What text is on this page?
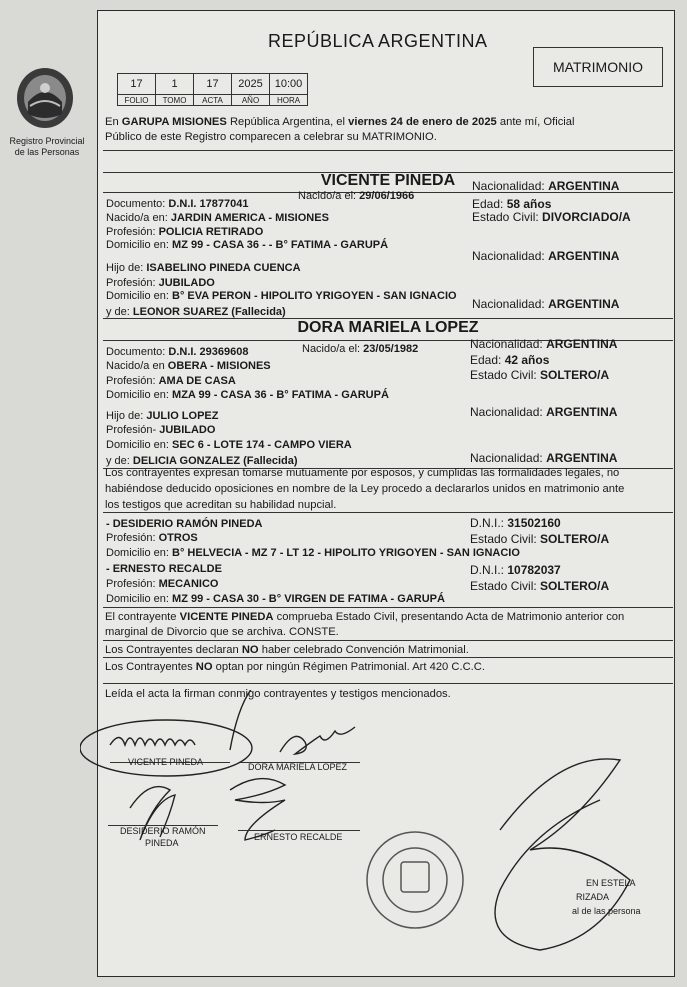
Registro Provincial
de las Personas
REPÚBLICA ARGENTINA
MATRIMONIO
17	1	17	2025	10:00
FOLIO	TOMO	ACTA	AÑO	HORA
En GARUPA MISIONES República Argentina, el viernes 24 de enero de 2025 ante mí, Oficial
Público de este Registro comparecen a celebrar su MATRIMONIO.
VICENTE PINEDA
Documento: D.N.I. 17877041
Nacido/a el: 29/06/1966
Nacionalidad: ARGENTINA
Nacido/a en: JARDIN AMERICA - MISIONES
Edad: 58 años
Profesión: POLICIA RETIRADO
Estado Civil: DIVORCIADO/A
Domicilio en: MZ 99 - CASA 36 - - B° FATIMA - GARUPÁ
Hijo de: ISABELINO PINEDA CUENCA
Nacionalidad: ARGENTINA
Profesión: JUBILADO
Domicilio en: B° EVA PERON - HIPOLITO YRIGOYEN - SAN IGNACIO
y de: LEONOR SUAREZ (Fallecida)
Nacionalidad: ARGENTINA
DORA MARIELA LOPEZ
Documento: D.N.I. 29369608	Nacido/a el: 23/05/1982	Nacionalidad: ARGENTINA
Nacido/a en OBERA - MISIONES	Edad: 42 años
Profesión: AMA DE CASA	Estado Civil: SOLTERO/A
Domicilio en: MZA 99 - CASA 36 - B° FATIMA - GARUPÁ
Hijo de: JULIO LOPEZ	Nacionalidad: ARGENTINA
Profesión- JUBILADO
Domicilio en: SEC 6 - LOTE 174 - CAMPO VIERA
y de: DELICIA GONZALEZ (Fallecida)	Nacionalidad: ARGENTINA
Los contrayentes expresan tomarse mutuamente por esposos, y cumplidas las formalidades legales, no
habiéndose deducido oposiciones en nombre de la Ley procedo a declararlos unidos en matrimonio ante
los testigos que acreditan su habilidad nupcial.
- DESIDERIO RAMÓN PINEDA	D.N.I.: 31502160
Profesión: OTROS	Estado Civil: SOLTERO/A
Domicilio en: B° HELVECIA - MZ 7 - LT 12 - HIPOLITO YRIGOYEN - SAN IGNACIO
- ERNESTO RECALDE	D.N.I.: 10782037
Profesión: MECANICO	Estado Civil: SOLTERO/A
Domicilio en: MZ 99 - CASA 30 - B° VIRGEN DE FATIMA - GARUPÁ
El contrayente VICENTE PINEDA comprueba Estado Civil, presentando Acta de Matrimonio anterior con
marginal de Divorcio que se archiva. CONSTE.
Los Contrayentes declaran NO haber celebrado Convención Matrimonial.
Los Contrayentes NO optan por ningún Régimen Patrimonial. Art 420 C.C.C.
Leída el acta la firman conmigo contrayentes y testigos mencionados.
VICENTE PINEDA	DORA MARIELA LOPEZ
DESIDERIO RAMÓN
PINEDA
ERNESTO RECALDE
EN ESTELA
RIZADA
al de las persona
